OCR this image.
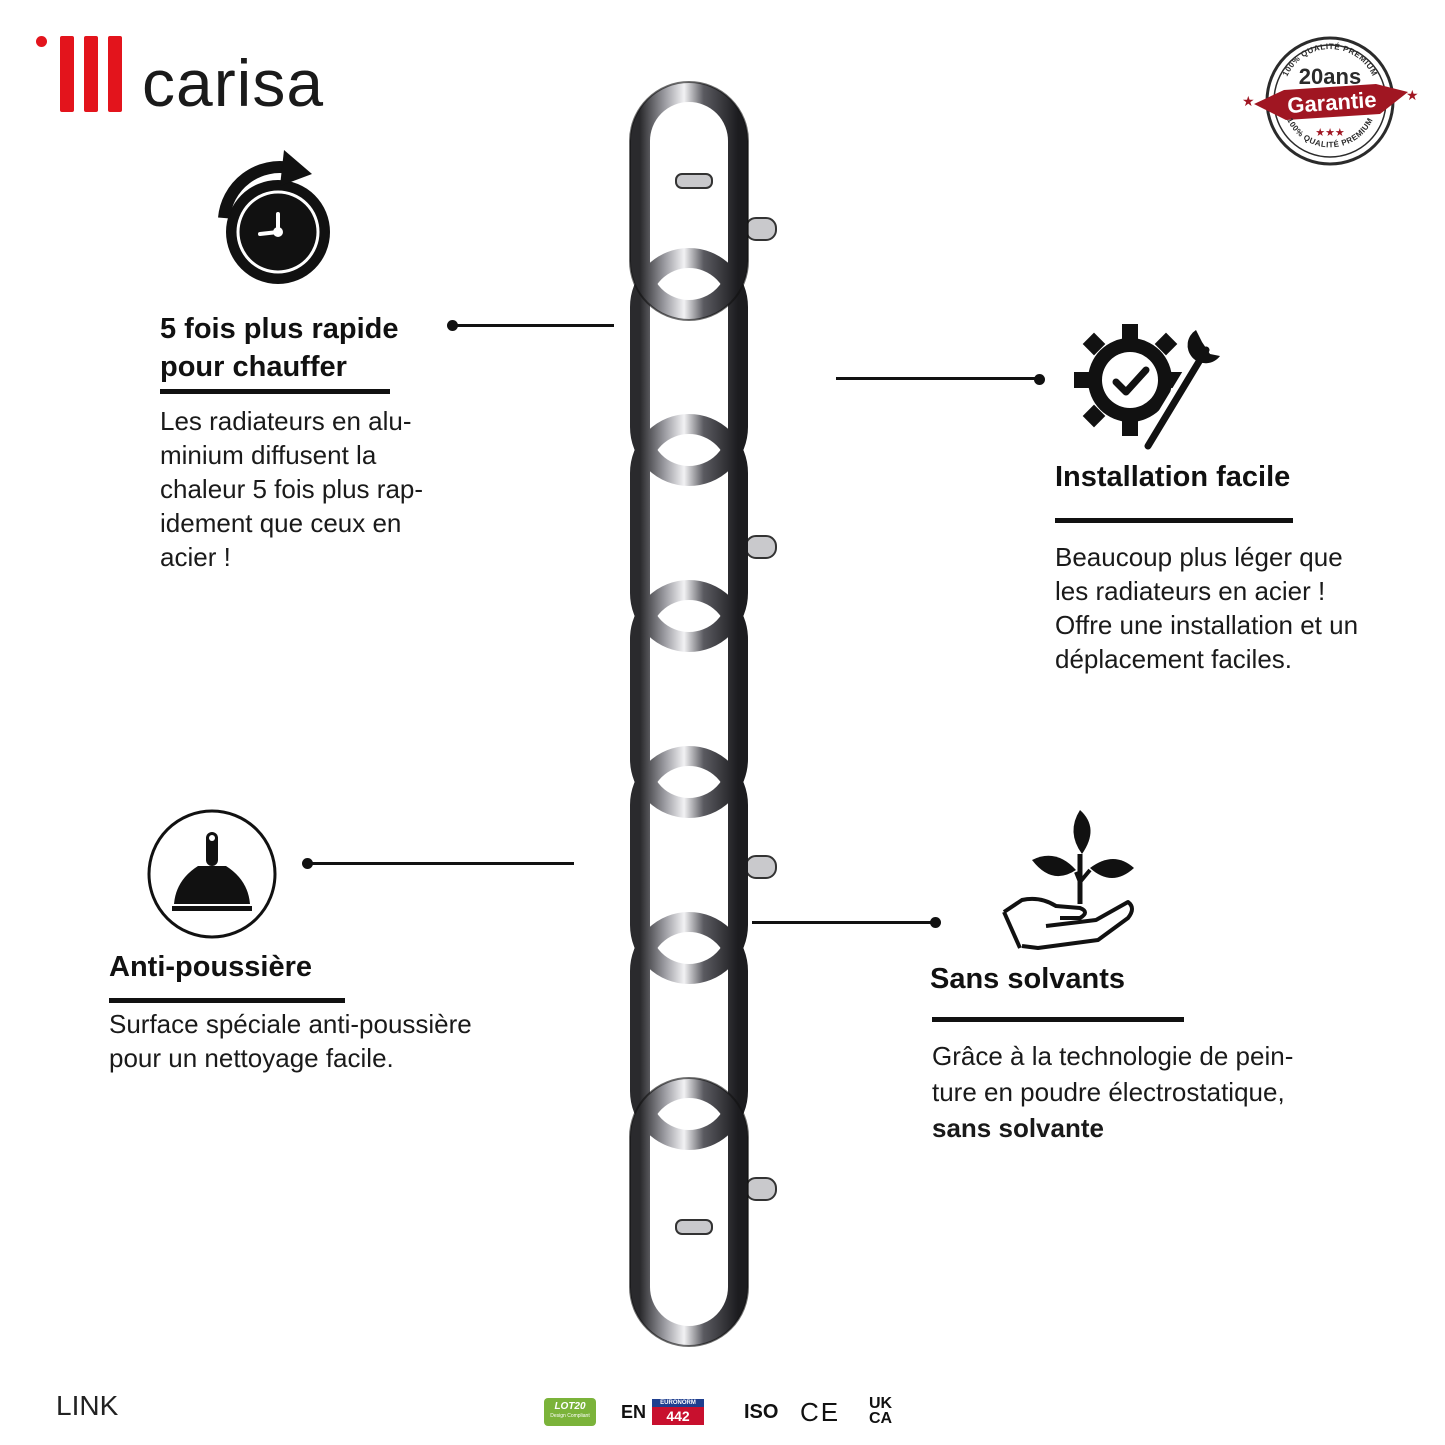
carisa	100% QUALITÉ PREMIUM
20ans
Garantie
★	★
★★★
100% QUALITÉ PREMIUM
5 fois plus rapide
pour chauffer
Les radiateurs en alu-
minium diffusent la
chaleur 5 fois plus rap-
idement que ceux en
acier !
Installation facile
Beaucoup plus léger que
les radiateurs en acier !
Offre une installation et un
déplacement faciles.
Anti-poussière
Surface spéciale anti-poussière
pour un nettoyage facile.
Sans solvants
Grâce à la technologie de pein-
ture en poudre électrostatique,
sans solvante
LINK	LOT20
Design Compliant	EN	EURONORM
442	ISO CE UK
CA
